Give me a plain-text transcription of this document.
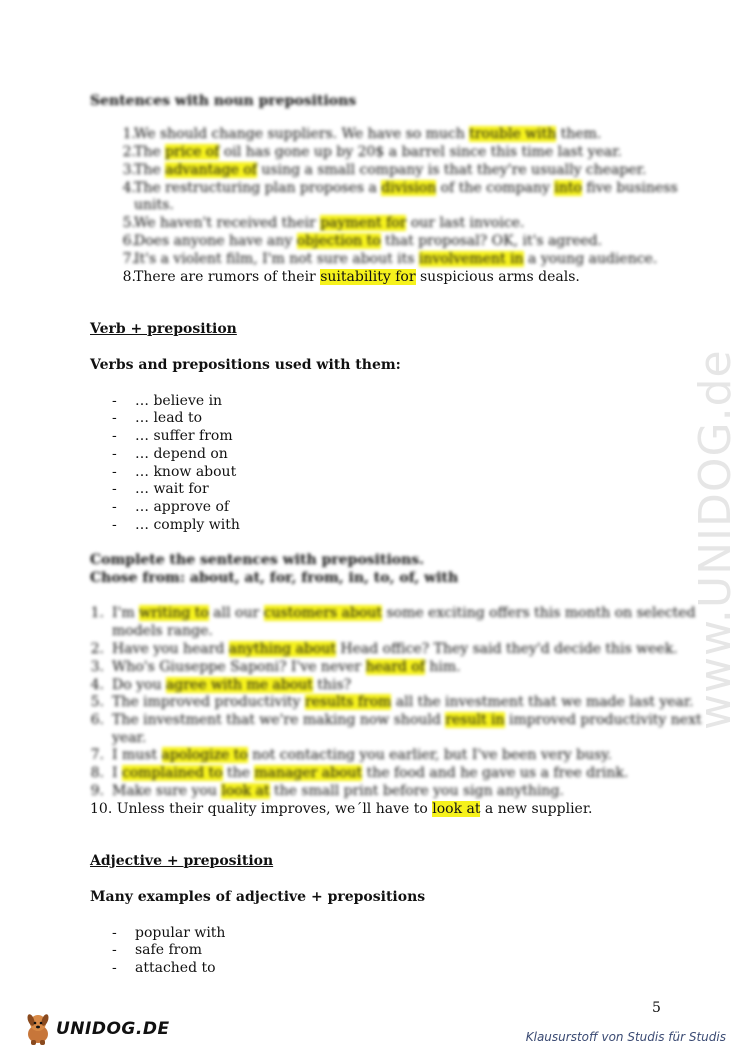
www.UNIDOG.de
Sentences with noun prepositions
1.
We should change suppliers. We have so much trouble with them.
2.
The price of oil has gone up by 20$ a barrel since this time last year.
3.
The advantage of using a small company is that they're usually cheaper.
4.
The restructuring plan proposes a division of the company into five business
units.
5.
We haven't received their payment for our last invoice.
6.
Does anyone have any objection to that proposal? OK, it's agreed.
7.
It's a violent film, I'm not sure about its involvement in a young audience.
8.
There are rumors of their suitability for suspicious arms deals.
Verb + preposition
Verbs and prepositions used with them:
- … believe in
- … lead to
- … suffer from
- … depend on
- … know about
- … wait for
- … approve of
- … comply with
Complete the sentences with prepositions.
Chose from: about, at, for, from, in, to, of, with
1. I'm writing to all our customers about some exciting offers this month on selected
models range.
2. Have you heard anything about Head office? They said they'd decide this week.
3. Who's Giuseppe Saponi? I've never heard of him.
4. Do you agree with me about this?
5. The improved productivity results from all the investment that we made last year.
6. The investment that we're making now should result in improved productivity next
year.
7. I must apologize to not contacting you earlier, but I've been very busy.
8. I complained to the manager about the food and he gave us a free drink.
9. Make sure you look at the small print before you sign anything.
10. Unless their quality improves, we´ll have to look at a new supplier.
Adjective + preposition
Many examples of adjective + prepositions
- popular with
- safe from
- attached to
5
UNIDOG.DE	Klausurstoff von Studis für Studis
